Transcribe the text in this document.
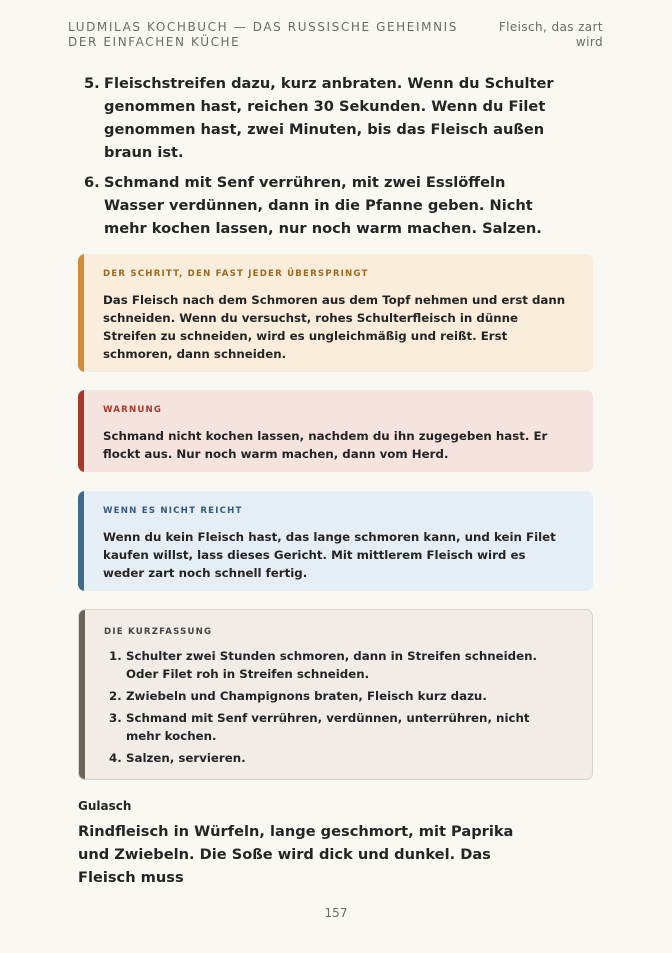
LUDMILAS KOCHBUCH — DAS RUSSISCHE GEHEIMNIS DER EINFACHEN KÜCHE
Fleisch, das zart wird
5. Fleischstreifen dazu, kurz anbraten. Wenn du Schulter genommen hast, reichen 30 Sekunden. Wenn du Filet genommen hast, zwei Minuten, bis das Fleisch außen braun ist.
6. Schmand mit Senf verrühren, mit zwei Esslöffeln Wasser verdünnen, dann in die Pfanne geben. Nicht mehr kochen lassen, nur noch warm machen. Salzen.
DER SCHRITT, DEN FAST JEDER ÜBERSPRINGT
Das Fleisch nach dem Schmoren aus dem Topf nehmen und erst dann schneiden. Wenn du versuchst, rohes Schulterfleisch in dünne Streifen zu schneiden, wird es ungleichmäßig und reißt. Erst schmoren, dann schneiden.
WARNUNG
Schmand nicht kochen lassen, nachdem du ihn zugegeben hast. Er flockt aus. Nur noch warm machen, dann vom Herd.
WENN ES NICHT REICHT
Wenn du kein Fleisch hast, das lange schmoren kann, und kein Filet kaufen willst, lass dieses Gericht. Mit mittlerem Fleisch wird es weder zart noch schnell fertig.
DIE KURZFASSUNG
1. Schulter zwei Stunden schmoren, dann in Streifen schneiden. Oder Filet roh in Streifen schneiden.
2. Zwiebeln und Champignons braten, Fleisch kurz dazu.
3. Schmand mit Senf verrühren, verdünnen, unterrühren, nicht mehr kochen.
4. Salzen, servieren.
Gulasch
Rindfleisch in Würfeln, lange geschmort, mit Paprika und Zwiebeln. Die Soße wird dick und dunkel. Das Fleisch muss
157
